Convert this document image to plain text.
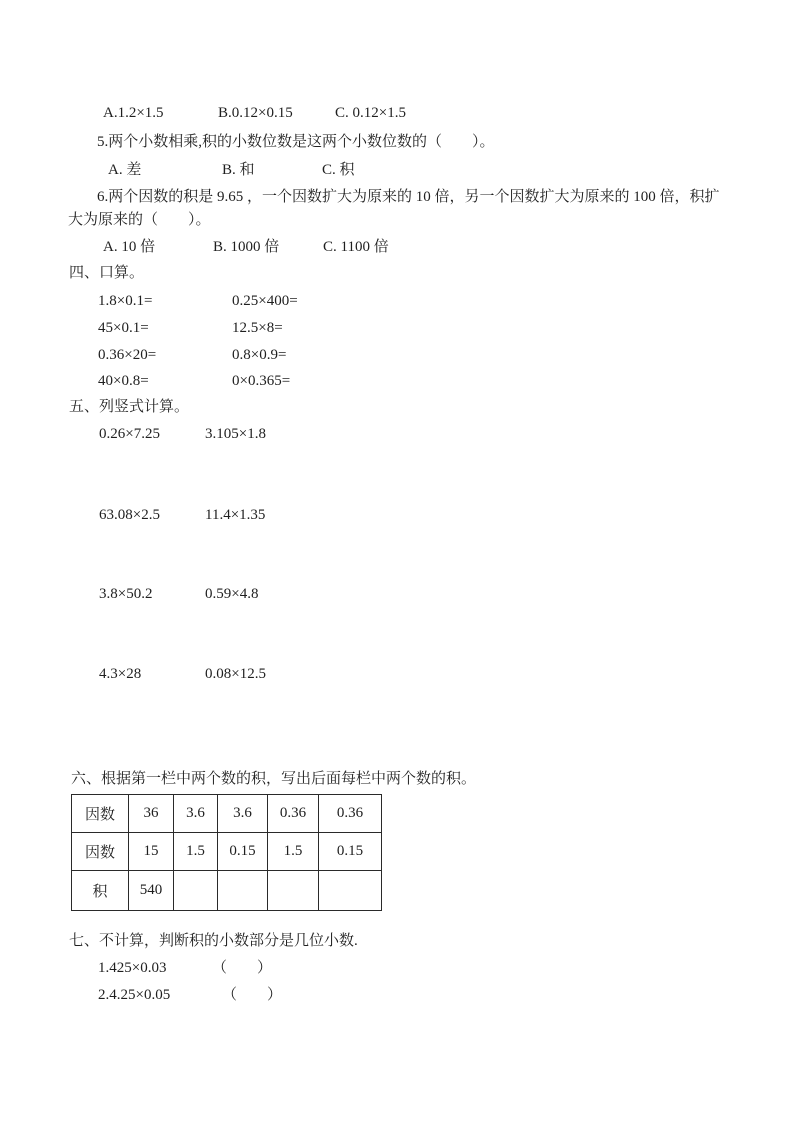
A.1.2×1.5	B.0.12×0.15	C. 0.12×1.5
5.两个小数相乘,积的小数位数是这两个小数位数的（　　）。
A. 差	B. 和	C. 积
6.两个因数的积是 9.65 ，一个因数扩大为原来的 10 倍，另一个因数扩大为原来的 100 倍，积扩
大为原来的（　　）。
A. 10 倍	B. 1000 倍	C. 1100 倍
四、口算。
1.8×0.1=	0.25×400=
45×0.1=	12.5×8=
0.36×20=	0.8×0.9=
40×0.8=	0×0.365=
五、列竖式计算。
0.26×7.25	3.105×1.8
63.08×2.5	11.4×1.35
3.8×50.2	0.59×4.8
4.3×28	0.08×12.5
六、根据第一栏中两个数的积，写出后面每栏中两个数的积。
因数	36	3.6	3.6	0.36	0.36
因数	15	1.5	0.15	1.5	0.15
积	540				
七、不计算，判断积的小数部分是几位小数.
1.425×0.03	（　　）
2.4.25×0.05	（　　）
